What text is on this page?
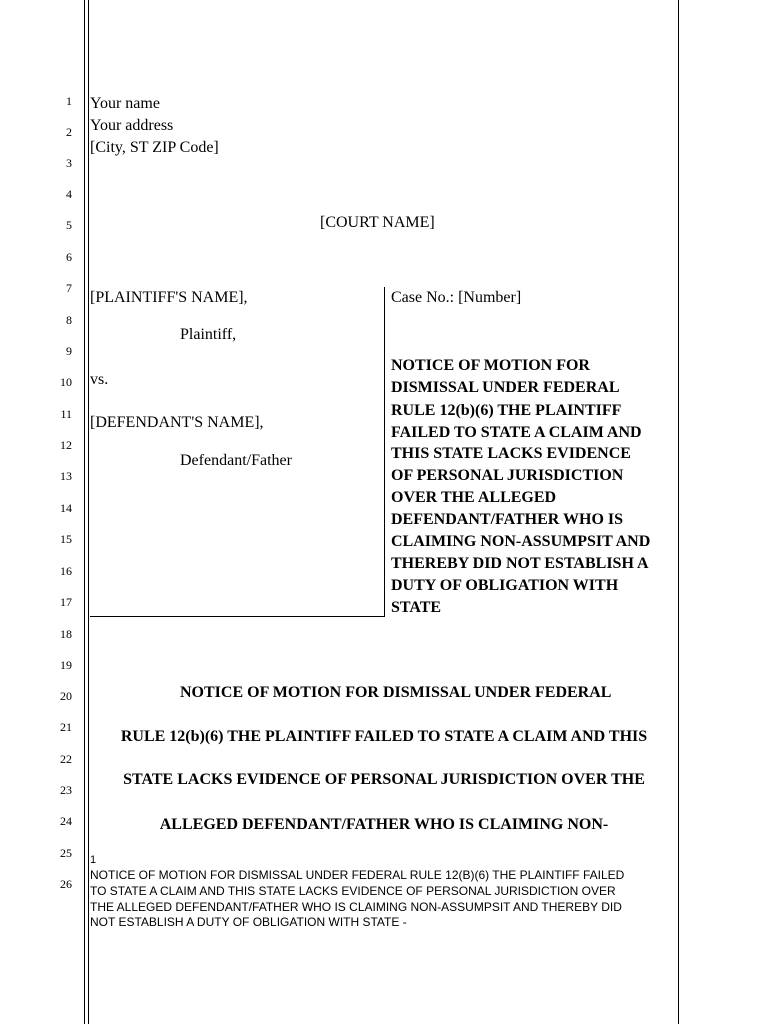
1
2
3
4
5
6
7
8
9
10
11
12
13
14
15
16
17
18
19
20
21
22
23
24
25
26
Your name
Your address
[City, ST ZIP Code]
[COURT NAME]
[PLAINTIFF'S NAME],
Plaintiff,
vs.
[DEFENDANT'S NAME],
Defendant/Father
Case No.: [Number]
NOTICE OF MOTION FOR
DISMISSAL UNDER FEDERAL
RULE 12(b)(6) THE PLAINTIFF
FAILED TO STATE A CLAIM AND
THIS STATE LACKS EVIDENCE
OF PERSONAL JURISDICTION
OVER THE ALLEGED
DEFENDANT/FATHER WHO IS
CLAIMING NON-ASSUMPSIT AND
THEREBY DID NOT ESTABLISH A
DUTY OF OBLIGATION WITH
STATE
NOTICE OF MOTION FOR DISMISSAL UNDER FEDERAL
RULE 12(b)(6) THE PLAINTIFF FAILED TO STATE A CLAIM AND THIS
STATE LACKS EVIDENCE OF PERSONAL JURISDICTION OVER THE
ALLEGED DEFENDANT/FATHER WHO IS CLAIMING NON-
1
NOTICE OF MOTION FOR DISMISSAL UNDER FEDERAL RULE 12(B)(6) THE PLAINTIFF FAILED
TO STATE A CLAIM AND THIS STATE LACKS EVIDENCE OF PERSONAL JURISDICTION OVER
THE ALLEGED DEFENDANT/FATHER WHO IS CLAIMING NON-ASSUMPSIT AND THEREBY DID
NOT ESTABLISH A DUTY OF OBLIGATION WITH STATE -
